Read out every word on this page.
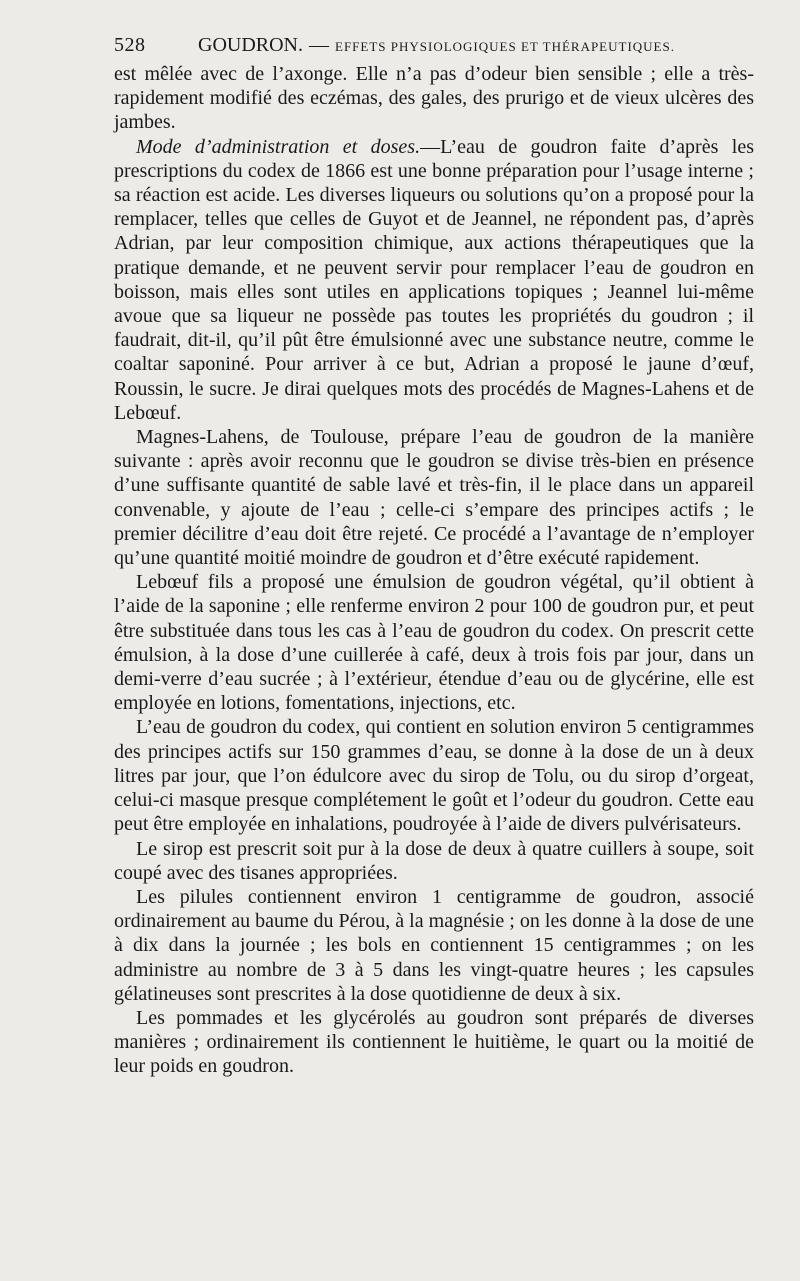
528	GOUDRON. — EFFETS PHYSIOLOGIQUES ET THÉRAPEUTIQUES.

est mêlée avec de l’axonge. Elle n’a pas d’odeur bien sensible ; elle a très-rapidement modifié des eczémas, des gales, des prurigo et de vieux ulcères des jambes.

Mode d’administration et doses.—L’eau de goudron faite d’après les prescriptions du codex de 1866 est une bonne préparation pour l’usage interne ; sa réaction est acide. Les diverses liqueurs ou solutions qu’on a proposé pour la remplacer, telles que celles de Guyot et de Jeannel, ne répondent pas, d’après Adrian, par leur composition chimique, aux actions thérapeutiques que la pratique demande, et ne peuvent servir pour remplacer l’eau de goudron en boisson, mais elles sont utiles en applications topiques ; Jeannel lui-même avoue que sa liqueur ne possède pas toutes les propriétés du goudron ; il faudrait, dit-il, qu’il pût être émulsionné avec une substance neutre, comme le coaltar saponiné. Pour arriver à ce but, Adrian a proposé le jaune d’œuf, Roussin, le sucre. Je dirai quelques mots des procédés de Magnes-Lahens et de Lebœuf.

Magnes-Lahens, de Toulouse, prépare l’eau de goudron de la manière suivante : après avoir reconnu que le goudron se divise très-bien en présence d’une suffisante quantité de sable lavé et très-fin, il le place dans un appareil convenable, y ajoute de l’eau ; celle-ci s’empare des principes actifs ; le premier décilitre d’eau doit être rejeté. Ce procédé a l’avantage de n’employer qu’une quantité moitié moindre de goudron et d’être exécuté rapidement.

Lebœuf fils a proposé une émulsion de goudron végétal, qu’il obtient à l’aide de la saponine ; elle renferme environ 2 pour 100 de goudron pur, et peut être substituée dans tous les cas à l’eau de goudron du codex. On prescrit cette émulsion, à la dose d’une cuillerée à café, deux à trois fois par jour, dans un demi-verre d’eau sucrée ; à l’extérieur, étendue d’eau ou de glycérine, elle est employée en lotions, fomentations, injections, etc.

L’eau de goudron du codex, qui contient en solution environ 5 centigrammes des principes actifs sur 150 grammes d’eau, se donne à la dose de un à deux litres par jour, que l’on édulcore avec du sirop de Tolu, ou du sirop d’orgeat, celui-ci masque presque complétement le goût et l’odeur du goudron. Cette eau peut être employée en inhalations, poudroyée à l’aide de divers pulvérisateurs.

Le sirop est prescrit soit pur à la dose de deux à quatre cuillers à soupe, soit coupé avec des tisanes appropriées.

Les pilules contiennent environ 1 centigramme de goudron, associé ordinairement au baume du Pérou, à la magnésie ; on les donne à la dose de une à dix dans la journée ; les bols en contiennent 15 centigrammes ; on les administre au nombre de 3 à 5 dans les vingt-quatre heures ; les capsules gélatineuses sont prescrites à la dose quotidienne de deux à six.

Les pommades et les glycérolés au goudron sont préparés de diverses manières ; ordinairement ils contiennent le huitième, le quart ou la moitié de leur poids en goudron.
